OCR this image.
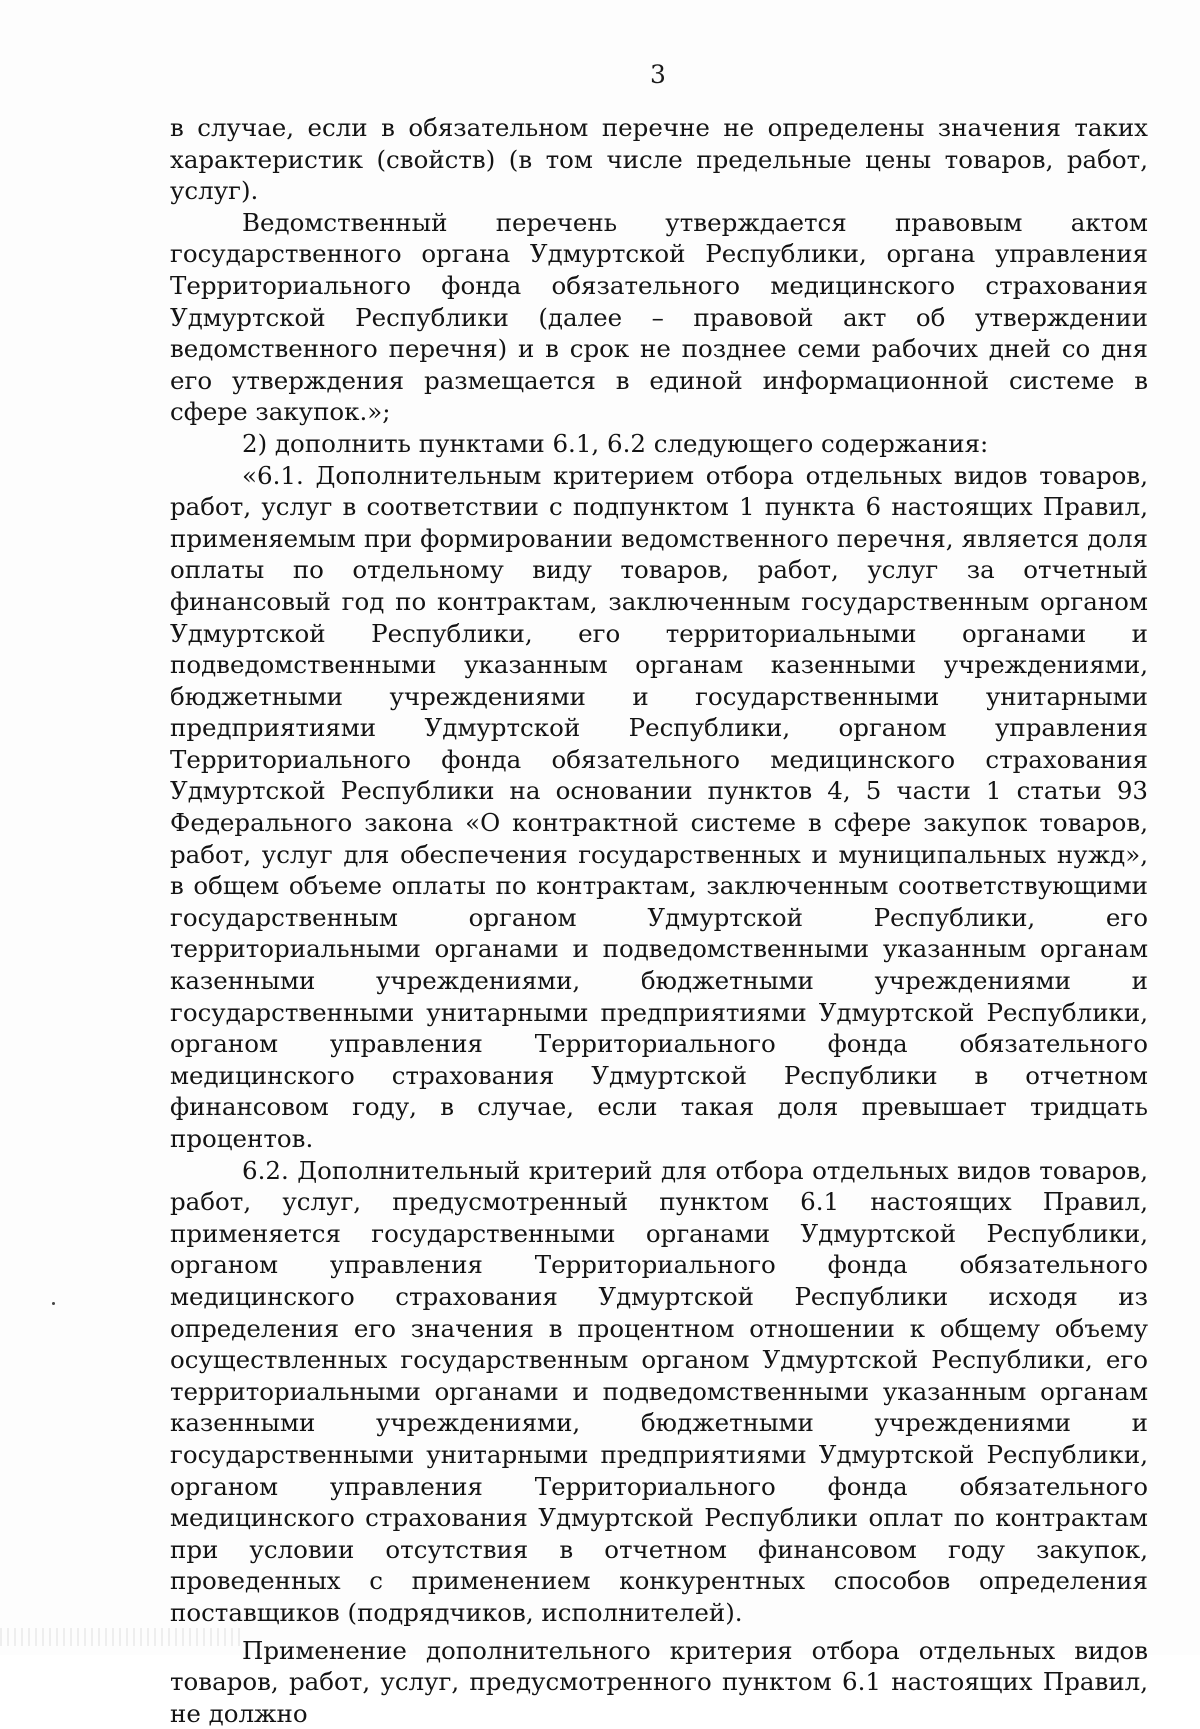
3

в случае, если в обязательном перечне не определены значения таких характеристик (свойств) (в том числе предельные цены товаров, работ, услуг).

Ведомственный перечень утверждается правовым актом государственного органа Удмуртской Республики, органа управления Территориального фонда обязательного медицинского страхования Удмуртской Республики (далее – правовой акт об утверждении ведомственного перечня) и в срок не позднее семи рабочих дней со дня его утверждения размещается в единой информационной системе в сфере закупок.»;

2) дополнить пунктами 6.1, 6.2 следующего содержания:

«6.1. Дополнительным критерием отбора отдельных видов товаров, работ, услуг в соответствии с подпунктом 1 пункта 6 настоящих Правил, применяемым при формировании ведомственного перечня, является доля оплаты по отдельному виду товаров, работ, услуг за отчетный финансовый год по контрактам, заключенным государственным органом Удмуртской Республики, его территориальными органами и подведомственными указанным органам казенными учреждениями, бюджетными учреждениями и государственными унитарными предприятиями Удмуртской Республики, органом управления Территориального фонда обязательного медицинского страхования Удмуртской Республики на основании пунктов 4, 5 части 1 статьи 93 Федерального закона «О контрактной системе в сфере закупок товаров, работ, услуг для обеспечения государственных и муниципальных нужд», в общем объеме оплаты по контрактам, заключенным соответствующими государственным органом Удмуртской Республики, его территориальными органами и подведомственными указанным органам казенными учреждениями, бюджетными учреждениями и государственными унитарными предприятиями Удмуртской Республики, органом управления Территориального фонда обязательного медицинского страхования Удмуртской Республики в отчетном финансовом году, в случае, если такая доля превышает тридцать процентов.

6.2. Дополнительный критерий для отбора отдельных видов товаров, работ, услуг, предусмотренный пунктом 6.1 настоящих Правил, применяется государственными органами Удмуртской Республики, органом управления Территориального фонда обязательного медицинского страхования Удмуртской Республики исходя из определения его значения в процентном отношении к общему объему осуществленных государственным органом Удмуртской Республики, его территориальными органами и подведомственными указанным органам казенными учреждениями, бюджетными учреждениями и государственными унитарными предприятиями Удмуртской Республики, органом управления Территориального фонда обязательного медицинского страхования Удмуртской Республики оплат по контрактам при условии отсутствия в отчетном финансовом году закупок, проведенных с применением конкурентных способов определения поставщиков (подрядчиков, исполнителей).

Применение дополнительного критерия отбора отдельных видов товаров, работ, услуг, предусмотренного пунктом 6.1 настоящих Правил, не должно
